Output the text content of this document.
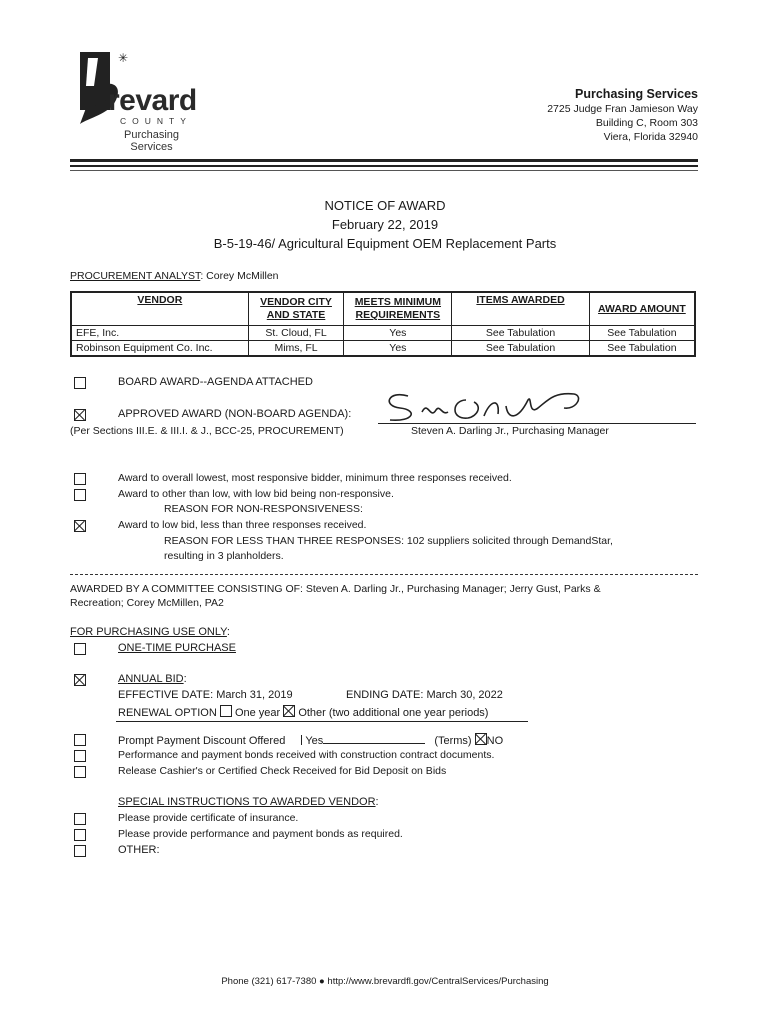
✳
revard
COUNTY
Purchasing
Services
Purchasing Services
2725 Judge Fran Jamieson Way
Building C, Room 303
Viera, Florida 32940
NOTICE OF AWARD
February 22, 2019
B-5-19-46/ Agricultural Equipment OEM Replacement Parts
PROCUREMENT ANALYST: Corey McMillen
VENDOR	VENDOR CITY AND STATE	MEETS MINIMUM REQUIREMENTS	ITEMS AWARDED	AWARD AMOUNT
EFE, Inc.	St. Cloud, FL	Yes	See Tabulation	See Tabulation
Robinson Equipment Co. Inc.	Mims, FL	Yes	See Tabulation	See Tabulation
BOARD AWARD--AGENDA ATTACHED
APPROVED AWARD (NON-BOARD AGENDA):
(Per Sections III.E. & III.I. & J., BCC-25, PROCUREMENT)	Steven A. Darling Jr., Purchasing Manager
Award to overall lowest, most responsive bidder, minimum three responses received.
Award to other than low, with low bid being non-responsive.
REASON FOR NON-RESPONSIVENESS:
Award to low bid, less than three responses received.
REASON FOR LESS THAN THREE RESPONSES: 102 suppliers solicited through DemandStar,
resulting in 3 planholders.
AWARDED BY A COMMITTEE CONSISTING OF: Steven A. Darling Jr., Purchasing Manager; Jerry Gust, Parks &
Recreation; Corey McMillen, PA2
FOR PURCHASING USE ONLY:
ONE-TIME PURCHASE
ANNUAL BID:
EFFECTIVE DATE: March 31, 2019	ENDING DATE: March 30, 2022
RENEWAL OPTION One year Other (two additional one year periods)
Prompt Payment Discount Offered Yes	(Terms) NO
Performance and payment bonds received with construction contract documents.
Release Cashier's or Certified Check Received for Bid Deposit on Bids
SPECIAL INSTRUCTIONS TO AWARDED VENDOR:
Please provide certificate of insurance.
Please provide performance and payment bonds as required.
OTHER:
Phone (321) 617-7380 ● http://www.brevardfl.gov/CentralServices/Purchasing
